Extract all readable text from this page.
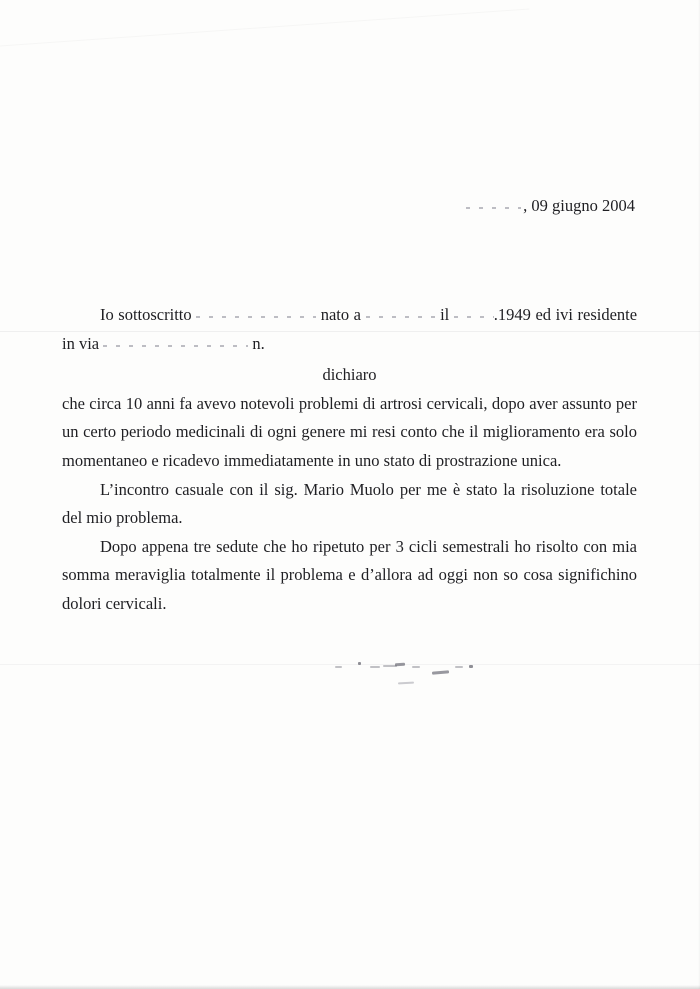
, 09 giugno 2004

Io sottoscritto	nato a	il	.1949 ed ivi residente in via	n.

dichiaro

che circa 10 anni fa avevo notevoli problemi di artrosi cervicali, dopo aver assunto per un certo periodo medicinali di ogni genere mi resi conto che il miglioramento era solo momentaneo e ricadevo immediatamente in uno stato di prostrazione unica.

L’incontro casuale con il sig. Mario Muolo per me è stato la risoluzione totale del mio problema.

Dopo appena tre sedute che ho ripetuto per 3 cicli semestrali ho risolto con mia somma meraviglia totalmente il problema e d’allora ad oggi non so cosa significhino dolori cervicali.
